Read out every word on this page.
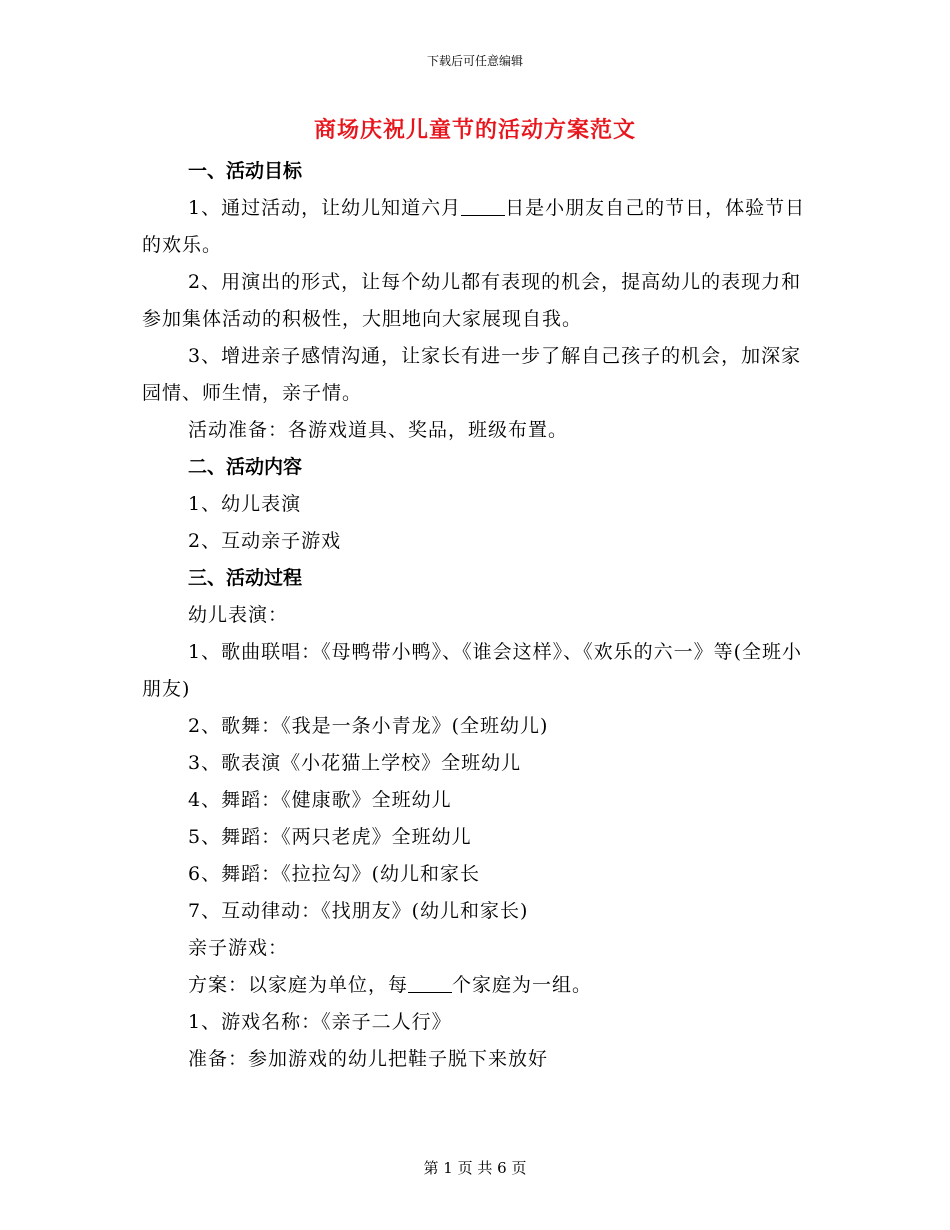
下载后可任意编辑
商场庆祝儿童节的活动方案范文

一、活动目标

1、通过活动，让幼儿知道六月 日是小朋友自己的节日，体验节日的欢乐。

2、用演出的形式，让每个幼儿都有表现的机会，提高幼儿的表现力和参加集体活动的积极性，大胆地向大家展现自我。

3、增进亲子感情沟通，让家长有进一步了解自己孩子的机会，加深家园情、师生情，亲子情。

活动准备：各游戏道具、奖品，班级布置。

二、活动内容

1、幼儿表演

2、互动亲子游戏

三、活动过程

幼儿表演：

1、歌曲联唱：《母鸭带小鸭》、《谁会这样》、《欢乐的六一》等(全班小朋友)

2、歌舞：《我是一条小青龙》(全班幼儿)

3、歌表演《小花猫上学校》全班幼儿

4、舞蹈：《健康歌》全班幼儿

5、舞蹈：《两只老虎》全班幼儿

6、舞蹈：《拉拉勾》(幼儿和家长

7、互动律动：《找朋友》(幼儿和家长)

亲子游戏：

方案：以家庭为单位，每 个家庭为一组。

1、游戏名称：《亲子二人行》

准备：参加游戏的幼儿把鞋子脱下来放好

第 1 页 共 6 页
